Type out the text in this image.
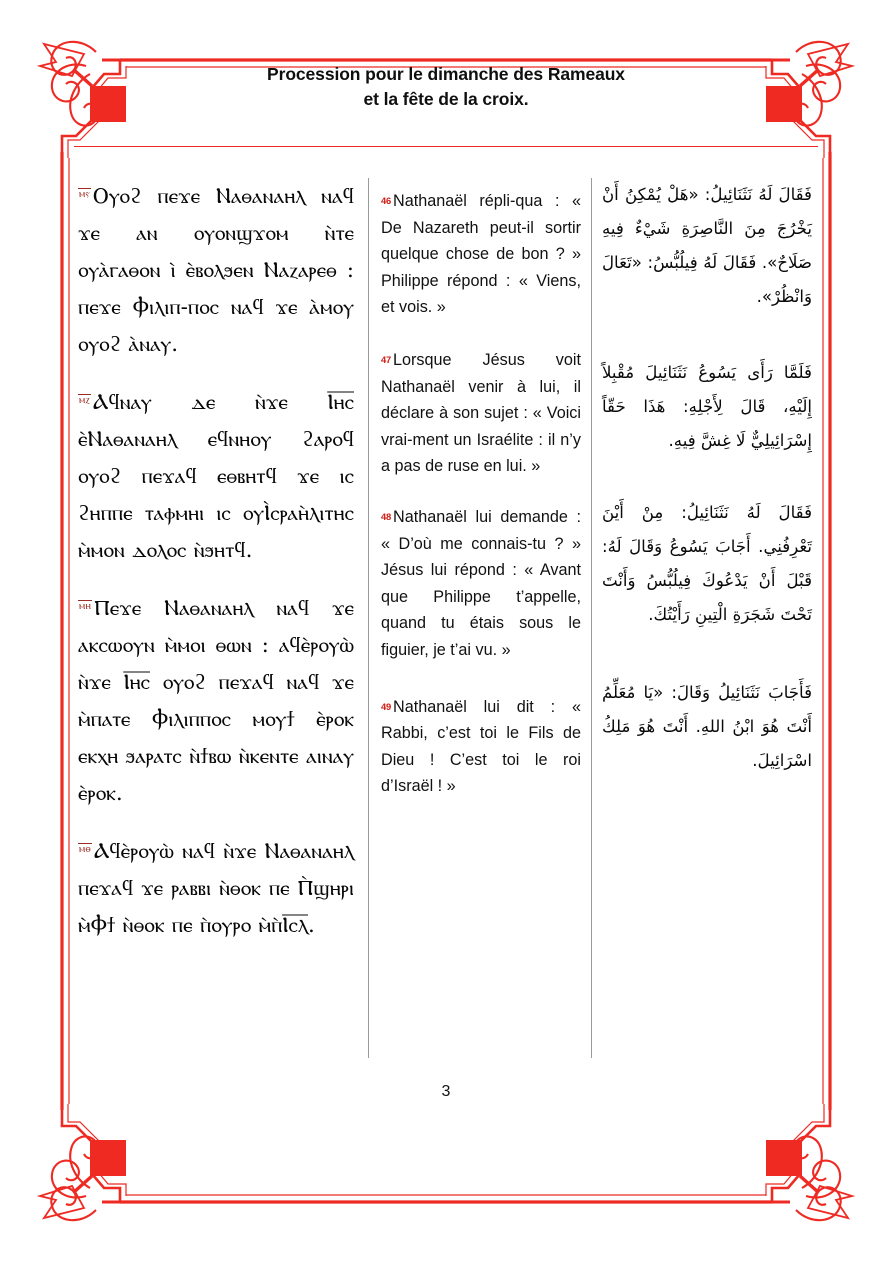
Procession pour le dimanche des Rameaux
et la fête de la croix.

ⲙ̅ⲋ̅ Ⲟⲩⲟϩ ⲡⲉϫⲉ Ⲛⲁⲑⲁⲛⲁⲏⲗ ⲛⲁϥ ϫⲉ ⲁⲛ ⲟⲩⲟⲛϣϫⲟⲙ ⲛ̀ⲧⲉ ⲟⲩⲁ̀ⲅⲁⲑⲟⲛ ⲓ̀ ⲉ̀ⲃⲟⲗϧⲉⲛ Ⲛⲁⲍⲁⲣⲉⲑ : ⲡⲉϫⲉ Ⲫⲓⲗⲓⲡ-ⲡⲟⲥ ⲛⲁϥ ϫⲉ ⲁ̀ⲙⲟⲩ ⲟⲩⲟϩ ⲁ̀ⲛⲁⲩ.

ⲙ̅ⲍ̅ Ⲁϥⲛⲁⲩ ⲇⲉ ⲛ̀ϫⲉ Ⲓ̅ⲏ̅ⲥ̅ ⲉ̀Ⲛⲁⲑⲁⲛⲁⲏⲗ ⲉϥⲛⲏⲟⲩ ϩⲁⲣⲟϥ ⲟⲩⲟϩ ⲡⲉϫⲁϥ ⲉⲑⲃⲏⲧϥ ϫⲉ ⲓⲥ ϩⲏⲡⲡⲉ ⲧⲁⲫⲙⲏⲓ ⲓⲥ ⲟⲩⲒ̀ⲥⲣⲁⲏ̀ⲗⲓⲧⲏⲥ ⲙ̀ⲙⲟⲛ ⲇⲟⲗⲟⲥ ⲛ̀ϧⲏⲧϥ.

ⲙ̅ⲏ̅ Ⲡⲉϫⲉ Ⲛⲁⲑⲁⲛⲁⲏⲗ ⲛⲁϥ ϫⲉ ⲁⲕⲥⲱⲟⲩⲛ ⲙ̀ⲙⲟⲓ ⲑⲱⲛ : ⲁϥⲉ̀ⲣⲟⲩⲱ̀ ⲛ̀ϫⲉ Ⲓ̅ⲏ̅ⲥ̅ ⲟⲩⲟϩ ⲡⲉϫⲁϥ ⲛⲁϥ ϫⲉ ⲙ̀ⲡⲁⲧⲉ Ⲫⲓⲗⲓⲡⲡⲟⲥ ⲙⲟⲩϯ ⲉ̀ⲣⲟⲕ ⲉⲕⲭⲏ ϧⲁⲣⲁⲧⲥ ⲛ̀ϯⲃⲱ ⲛ̀ⲕⲉⲛⲧⲉ ⲁⲓⲛⲁⲩ ⲉ̀ⲣⲟⲕ.

ⲙ̅ⲑ̅ Ⲁϥⲉ̀ⲣⲟⲩⲱ̀ ⲛⲁϥ ⲛ̀ϫⲉ Ⲛⲁⲑⲁⲛⲁⲏⲗ ⲡⲉϫⲁϥ ϫⲉ ⲣⲁⲃⲃⲓ ⲛ̀ⲑⲟⲕ ⲡⲉ Ⲡ̀ϣⲏⲣⲓ ⲙ̀Ⲫϯ ⲛ̀ⲑⲟⲕ ⲡⲉ ⲡ̀ⲟⲩⲣⲟ ⲙ̀ⲡ̀Ⲓ̅ⲥ̅ⲗ̅.

46 Nathanaël répli-qua : « De Nazareth peut-il sortir quelque chose de bon ? » Philippe répond : « Viens, et vois. »

47 Lorsque Jésus voit Nathanaël venir à lui, il déclare à son sujet : « Voici vrai-ment un Israélite : il n’y a pas de ruse en lui. »

48 Nathanaël lui demande : « D’où me connais-tu ? » Jésus lui répond : « Avant que Philippe t’appelle, quand tu étais sous le figuier, je t’ai vu. »

49 Nathanaël lui dit : « Rabbi, c’est toi le Fils de Dieu ! C’est toi le roi d’Israël ! »

فَقَالَ لَهُ نَثَنَائِيلُ: «هَلْ يُمْكِنُ أَنْ يَخْرُجَ مِنَ النَّاصِرَةِ شَيْءٌ فِيهِ صَلَاحٌ». فَقَالَ لَهُ فِيلُبُّسُ: «تَعَالَ وَانْظُرْ».

فَلَمَّا رَأَى يَسُوعُ نَثَنَائِيلَ مُقْبِلاً إِلَيْهِ، قَالَ لِأَجْلِهِ: هَذَا حَقّاً إِسْرَائِيلِيٌّ لَا غِشَّ فِيهِ.

فَقَالَ لَهُ نَثَنَائِيلُ: مِنْ أَيْنَ تَعْرِفُنِي. أَجَابَ يَسُوعُ وَقَالَ لَهُ: قَبْلَ أَنْ يَدْعُوكَ فِيلُبُّسُ وَأَنْتَ تَحْتَ شَجَرَةِ الْتِينِ رَأَيْتُكَ.

فَأَجَابَ نَثَنَائِيلُ وَقَالَ: «يَا مُعَلِّمُ أَنْتَ هُوَ ابْنُ اللهِ. أَنْتَ هُوَ مَلِكُ اسْرَائِيلَ.

3
